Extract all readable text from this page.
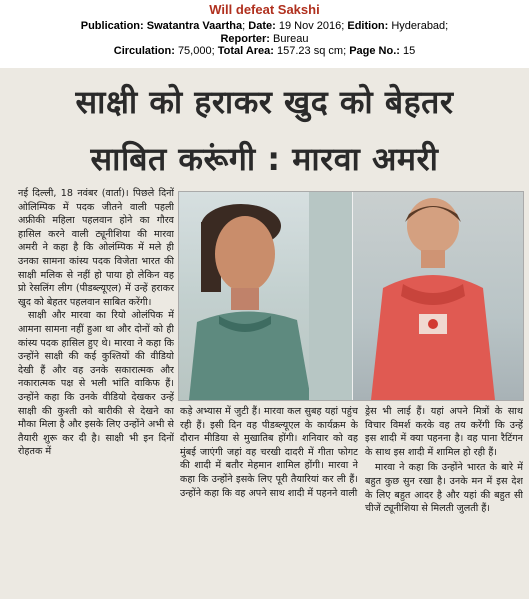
Will defeat Sakshi
Publication: Swatantra Vaartha; Date: 19 Nov 2016; Edition: Hyderabad;
Reporter: Bureau
Circulation: 75,000; Total Area: 157.23 sq cm; Page No.: 15
साक्षी को हराकर खुद को बेहतर
साबित करूंगी : मारवा अमरी

नई दिल्ली, 18 नवंबर (वार्ता)। पिछले दिनों ओलिम्पिक में पदक जीतने वाली पहली अफ्रीकी महिला पहलवान होने का गौरव हासिल करने वाली ट्यूनीशिया की मारवा अमरी ने कहा है कि ओलंम्पिक में मले ही उनका सामना कांस्य पदक विजेता भारत की साक्षी मलिक से नहीं हो पाया हो लेकिन वह प्रो रेसलिंग लीग (पीडब्ल्यूएल) में उन्हें हराकर खुद को बेहतर पहलवान साबित करेंगी।

साक्षी और मारवा का रियो ओलंपिक में आमना सामना नहीं हुआ था और दोनों को ही कांस्य पदक हासिल हुए थे। मारवा ने कहा कि उन्होंने साक्षी की कई कुश्तियों की वीडियो देखी हैं और वह उनके सकारात्मक और नकारात्मक पक्ष से भली भांति वाकिफ हैं। उन्होंने कहा कि उनके वीडियो देखकर उन्हें साक्षी की कुश्ती को बारीकी से देखने का मौका मिला है और इसके लिए उन्होंने अभी से तैयारी शुरू कर दी है। साक्षी भी इन दिनों रोहतक में

कड़े अभ्यास में जुटी हैं। मारवा कल सुबह यहां पहुंच रही हैं। इसी दिन वह पीडब्ल्यूएल के कार्यक्रम के दौरान मीडिया से मुखातिब होंगी। शनिवार को वह मुंबई जाएंगी जहां वह चरखी दादरी में गीता फोगट की शादी में बतौर मेहमान शामिल होंगी। मारवा ने कहा कि उन्होंने इसके लिए पूरी तैयारियां कर ली हैं। उन्होंने कहा कि वह अपने साथ शादी में पहनने वाली

ड्रेस भी लाई हैं। यहां अपने मित्रों के साथ विचार विमर्श करके वह तय करेंगी कि उन्हें इस शादी में क्या पहनना है। वह पाना रैटिंगन के साथ इस शादी में शामिल हो रही हैं।

मारवा ने कहा कि उन्होंने भारत के बारे में बहुत कुछ सुन रखा है। उनके मन में इस देश के लिए बहुत आदर है और यहां की बहुत सी चीजें ट्यूनीशिया से मिलती जुलती हैं।
